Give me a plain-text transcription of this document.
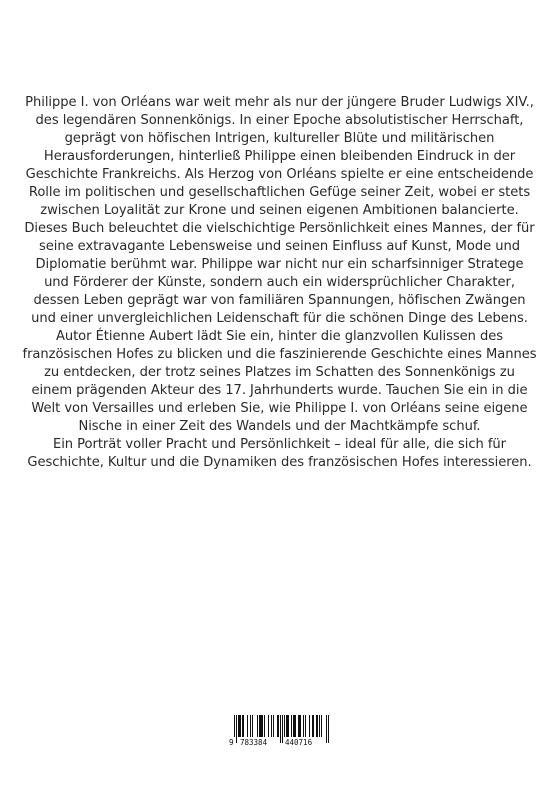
Philippe I. von Orléans war weit mehr als nur der jüngere Bruder Ludwigs XIV., des legendären Sonnenkönigs. In einer Epoche absolutistischer Herrschaft, geprägt von höfischen Intrigen, kultureller Blüte und militärischen Herausforderungen, hinterließ Philippe einen bleibenden Eindruck in der Geschichte Frankreichs. Als Herzog von Orléans spielte er eine entscheidende Rolle im politischen und gesellschaftlichen Gefüge seiner Zeit, wobei er stets zwischen Loyalität zur Krone und seinen eigenen Ambitionen balancierte. Dieses Buch beleuchtet die vielschichtige Persönlichkeit eines Mannes, der für seine extravagante Lebensweise und seinen Einfluss auf Kunst, Mode und Diplomatie berühmt war. Philippe war nicht nur ein scharfsinniger Stratege und Förderer der Künste, sondern auch ein widersprüchlicher Charakter, dessen Leben geprägt war von familiären Spannungen, höfischen Zwängen und einer unvergleichlichen Leidenschaft für die schönen Dinge des Lebens.

Autor Étienne Aubert lädt Sie ein, hinter die glanzvollen Kulissen des französischen Hofes zu blicken und die faszinierende Geschichte eines Mannes zu entdecken, der trotz seines Platzes im Schatten des Sonnenkönigs zu einem prägenden Akteur des 17. Jahrhunderts wurde. Tauchen Sie ein in die Welt von Versailles und erleben Sie, wie Philippe I. von Orléans seine eigene Nische in einer Zeit des Wandels und der Machtkämpfe schuf.

Ein Porträt voller Pracht und Persönlichkeit – ideal für alle, die sich für Geschichte, Kultur und die Dynamiken des französischen Hofes interessieren.

9 783384 440716
